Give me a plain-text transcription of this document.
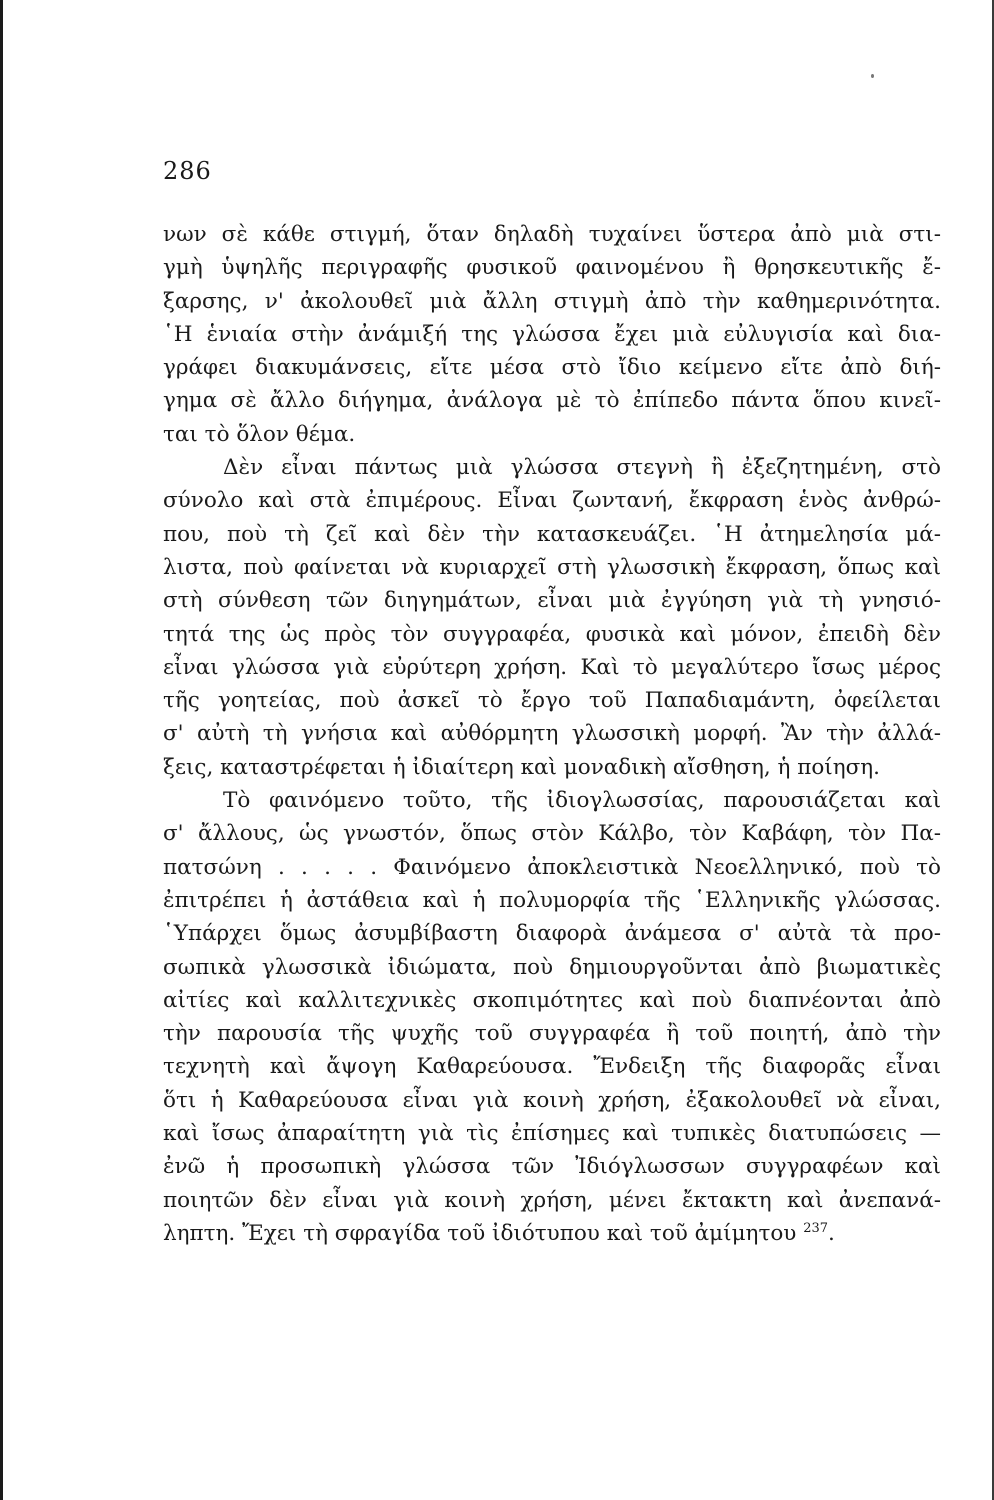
286
νων σὲ κάθε στιγμή, ὅταν δηλαδὴ τυχαίνει ὕστερα ἀπὸ μιὰ στι-
γμὴ ὑψηλῆς περιγραφῆς φυσικοῦ φαινομένου ἢ θρησκευτικῆς ἔ-
ξαρσης, ν' ἀκολουθεῖ μιὰ ἄλλη στιγμὴ ἀπὸ τὴν καθημερινότητα.
῾Η ἑνιαία στὴν ἀνάμιξή της γλώσσα ἔχει μιὰ εὐλυγισία καὶ δια-
γράφει διακυμάνσεις, εἴτε μέσα στὸ ἴδιο κείμενο εἴτε ἀπὸ διή-
γημα σὲ ἄλλο διήγημα, ἀνάλογα μὲ τὸ ἐπίπεδο πάντα ὅπου κινεῖ-
ται τὸ ὅλον θέμα.
Δὲν εἶναι πάντως μιὰ γλώσσα στεγνὴ ἢ ἐξεζητημένη, στὸ
σύνολο καὶ στὰ ἐπιμέρους. Εἶναι ζωντανή, ἔκφραση ἑνὸς ἀνθρώ-
που, ποὺ τὴ ζεῖ καὶ δὲν τὴν κατασκευάζει. ῾Η ἀτημελησία μά-
λιστα, ποὺ φαίνεται νὰ κυριαρχεῖ στὴ γλωσσικὴ ἔκφραση, ὅπως καὶ
στὴ σύνθεση τῶν διηγημάτων, εἶναι μιὰ ἐγγύηση γιὰ τὴ γνησιό-
τητά της ὡς πρὸς τὸν συγγραφέα, φυσικὰ καὶ μόνον, ἐπειδὴ δὲν
εἶναι γλώσσα γιὰ εὐρύτερη χρήση. Καὶ τὸ μεγαλύτερο ἴσως μέρος
τῆς γοητείας, ποὺ ἀσκεῖ τὸ ἔργο τοῦ Παπαδιαμάντη, ὀφείλεται
σ' αὐτὴ τὴ γνήσια καὶ αὐθόρμητη γλωσσικὴ μορφή. Ἂν τὴν ἀλλά-
ξεις, καταστρέφεται ἡ ἰδιαίτερη καὶ μοναδικὴ αἴσθηση, ἡ ποίηση.
Τὸ φαινόμενο τοῦτο, τῆς ἰδιογλωσσίας, παρουσιάζεται καὶ
σ' ἄλλους, ὡς γνωστόν, ὅπως στὸν Κάλβο, τὸν Καβάφη, τὸν Πα-
πατσώνη . . . . . Φαινόμενο ἀποκλειστικὰ Νεοελληνικό, ποὺ τὸ
ἐπιτρέπει ἡ ἀστάθεια καὶ ἡ πολυμορφία τῆς ῾Ελληνικῆς γλώσσας.
῾Υπάρχει ὅμως ἀσυμβίβαστη διαφορὰ ἀνάμεσα σ' αὐτὰ τὰ προ-
σωπικὰ γλωσσικὰ ἰδιώματα, ποὺ δημιουργοῦνται ἀπὸ βιωματικὲς
αἰτίες καὶ καλλιτεχνικὲς σκοπιμότητες καὶ ποὺ διαπνέονται ἀπὸ
τὴν παρουσία τῆς ψυχῆς τοῦ συγγραφέα ἢ τοῦ ποιητή, ἀπὸ τὴν
τεχνητὴ καὶ ἄψογη Καθαρεύουσα. Ἔνδειξη τῆς διαφορᾶς εἶναι
ὅτι ἡ Καθαρεύουσα εἶναι γιὰ κοινὴ χρήση, ἐξακολουθεῖ νὰ εἶναι,
καὶ ἴσως ἀπαραίτητη γιὰ τὶς ἐπίσημες καὶ τυπικὲς διατυπώσεις —
ἐνῶ ἡ προσωπικὴ γλώσσα τῶν Ἰδιόγλωσσων συγγραφέων καὶ
ποιητῶν δὲν εἶναι γιὰ κοινὴ χρήση, μένει ἔκτακτη καὶ ἀνεπανά-
ληπτη. Ἔχει τὴ σφραγίδα τοῦ ἰδιότυπου καὶ τοῦ ἀμίμητου $^{237}$.
